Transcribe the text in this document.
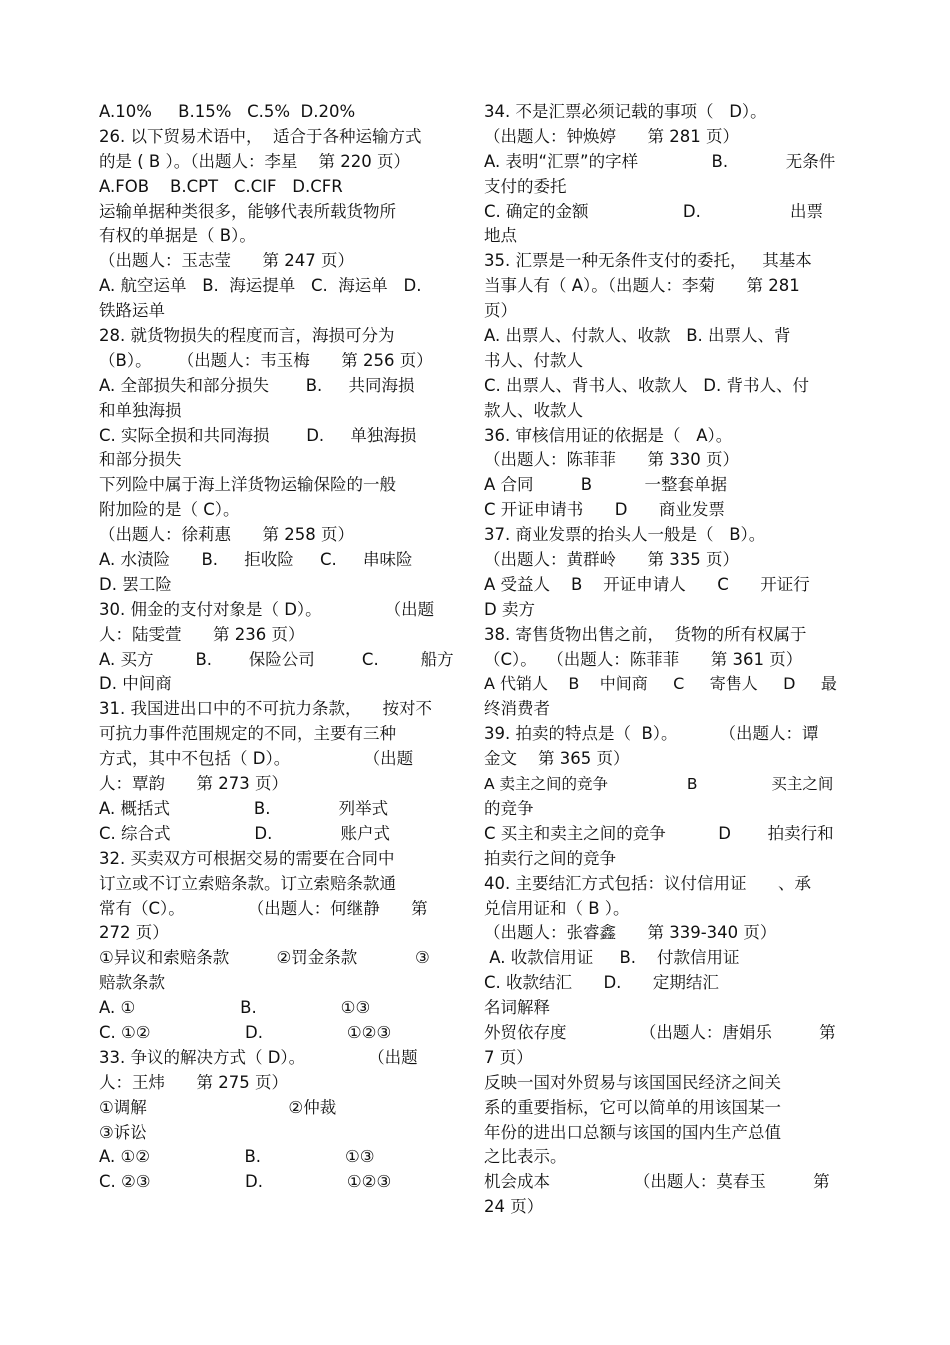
A.10%     B.15%   C.5%  D.20%
26. 以下贸易术语中，  适合于各种运输方式
的是 ( B ）。（出题人：李星    第 220 页）
A.FOB    B.CPT   C.CIF   D.CFR
运输单据种类很多，能够代表所载货物所
有权的单据是（ B）。
（出题人：玉志莹      第 247 页）
A. 航空运单   B.  海运提单   C.  海运单   D.
铁路运单
28. 就货物损失的程度而言，海损可分为
（B）。     （出题人：韦玉梅      第 256 页）
A. 全部损失和部分损失       B.     共同海损
和单独海损
C. 实际全损和共同海损       D.     单独海损
和部分损失
下列险中属于海上洋货物运输保险的一般
附加险的是（ C）。
（出题人：徐莉惠      第 258 页）
A. 水渍险      B.     拒收险     C.     串味险
D. 罢工险
30. 佣金的支付对象是（ D）。            （出题
人：陆雯萱      第 236 页）
A. 买方        B.       保险公司         C.        船方
D. 中间商
31. 我国进出口中的不可抗力条款，    按对不
可抗力事件范围规定的不同，主要有三种
方式，其中不包括（ D）。              （出题
人：覃韵      第 273 页）
A. 概括式                B.             列举式
C. 综合式                D.             账户式
32. 买卖双方可根据交易的需要在合同中
订立或不订立索赔条款。订立索赔条款通
常有（C）。            （出题人：何继静      第
272 页）
①异议和索赔条款         ②罚金条款           ③
赔款条款
A. ①                    B.                ①③
C. ①②                  D.                ①②③
33. 争议的解决方式（ D）。            （出题
人：王炜      第 275 页）
①调解                           ②仲裁
③诉讼
A. ①②                  B.                ①③
C. ②③                  D.                ①②③
34. 不是汇票必须记载的事项（   D）。
（出题人：钟焕婷      第 281 页）
A. 表明“汇票”的字样              B.           无条件
支付的委托
C. 确定的金额                  D.                 出票
地点
35. 汇票是一种无条件支付的委托，   其基本
当事人有（ A）。（出题人：李菊      第 281
页）
A. 出票人、付款人、收款   B. 出票人、背
书人、付款人
C. 出票人、背书人、收款人   D. 背书人、付
款人、收款人
36. 审核信用证的依据是（   A）。
（出题人：陈菲菲      第 330 页）
A 合同         B          一整套单据
C 开证申请书      D      商业发票
37. 商业发票的抬头人一般是（   B）。
（出题人：黄群岭      第 335 页）
A 受益人    B    开证申请人      C      开证行
D 卖方
38. 寄售货物出售之前，  货物的所有权属于
（C）。  （出题人：陈菲菲      第 361 页）
A 代销人    B    中间商     C     寄售人     D     最
终消费者
39. 拍卖的特点是（  B）。        （出题人：谭
金文    第 365 页）
A 卖主之间的竞争                B               买主之间
的竞争
C 买主和卖主之间的竞争          D       拍卖行和
拍卖行之间的竞争
40. 主要结汇方式包括：议付信用证      、承
兑信用证和（ B ）。
（出题人：张睿鑫      第 339-340 页）
A. 收款信用证     B.    付款信用证
C. 收款结汇      D.      定期结汇
名词解释
外贸依存度              （出题人：唐娟乐         第
7 页）
反映一国对外贸易与该国国民经济之间关
系的重要指标，它可以简单的用该国某一
年份的进出口总额与该国的国内生产总值
之比表示。
机会成本                （出题人：莫春玉         第
24 页）
